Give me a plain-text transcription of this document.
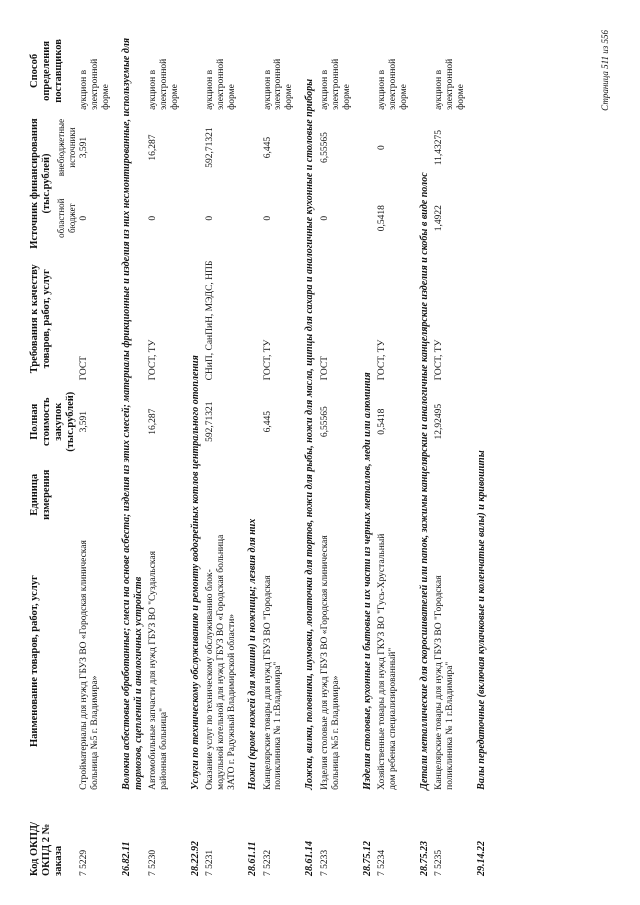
Код ОКПД/ ОКПД 2 № заказа	Наименование товаров, работ, услуг	Единица измерения	Полная стоимость закупок (тыс.рублей)	Требования к качеству товаров, работ, услуг	Источник финансирования (тыс.рублей)		Способ определения поставщиков
					областной бюджет	внебюджетные источники	
7 5229	Стройматериалы для нужд ГБУЗ ВО «Городская клиническая больница №5 г. Владимира»		3,591	ГОСТ	0	3,591	аукцион в электронной форме
26.82.11	Волокна асбестовые обработанные; смеси на основе асбеста; изделия из этих смесей; материалы фрикционные и изделия из них несмонтированные, используемые для тормозов, сцеплений и аналогичных устройств						
7 5230	Автомобильные запчасти для нужд ГБУЗ ВО "Суздальская районная больница"		16,287	ГОСТ, ТУ	0	16,287	аукцион в электронной форме
28.22.92	Услуги по техническому обслуживанию и ремонту водогрейных котлов центрального отопления						
7 5231	Оказание услуг по техническому обслуживанию блок-модульной котельной для нужд ГБУЗ ВО «Городская больница ЗАТО г. Радужный Владимирской области»		592,71321	СНиП, СанПиН, МЭДС, НПБ	0	592,71321	аукцион в электронной форме
28.61.11	Ножи (кроме ножей для машин) и ножницы; лезвия для них						
7 5232	Канцелярские товары для нужд ГБУЗ ВО "Городская поликлиника № 1 г.Владимира"		6,445	ГОСТ, ТУ	0	6,445	аукцион в электронной форме
28.61.14	Ложки, вилки, половники, шумовки, лопаточки для тортов, ножи для рыбы, ножи для масла, щипцы для сахара и аналогичные кухонные и столовые приборы						
7 5233	Изделия столовые для нужд ГБУЗ ВО «Городская клиническая больница №5 г. Владимира»		6,55565	ГОСТ	0	6,55565	аукцион в электронной форме
28.75.12	Изделия столовые, кухонные и бытовые и их части из черных металлов, меди или алюминия						
7 5234	Хозяйственные товары для нужд ГКУЗ ВО "Гусь-Хрустальный дом ребенка специализированный"		0,5418	ГОСТ, ТУ	0,5418	0	аукцион в электронной форме
28.75.23	Детали металлические для скоросшивателей или папок, зажимы канцелярские и аналогичные канцелярские изделия и скобы в виде полос						
7 5235	Канцелярские товары для нужд ГБУЗ ВО "Городская поликлиника № 1 г.Владимира"		12,92495	ГОСТ, ТУ	1,4922	11,43275	аукцион в электронной форме
29.14.22	Валы передаточные (включая кулачковые и коленчатые валы) и кривошипы						
Страница 511 из 556
